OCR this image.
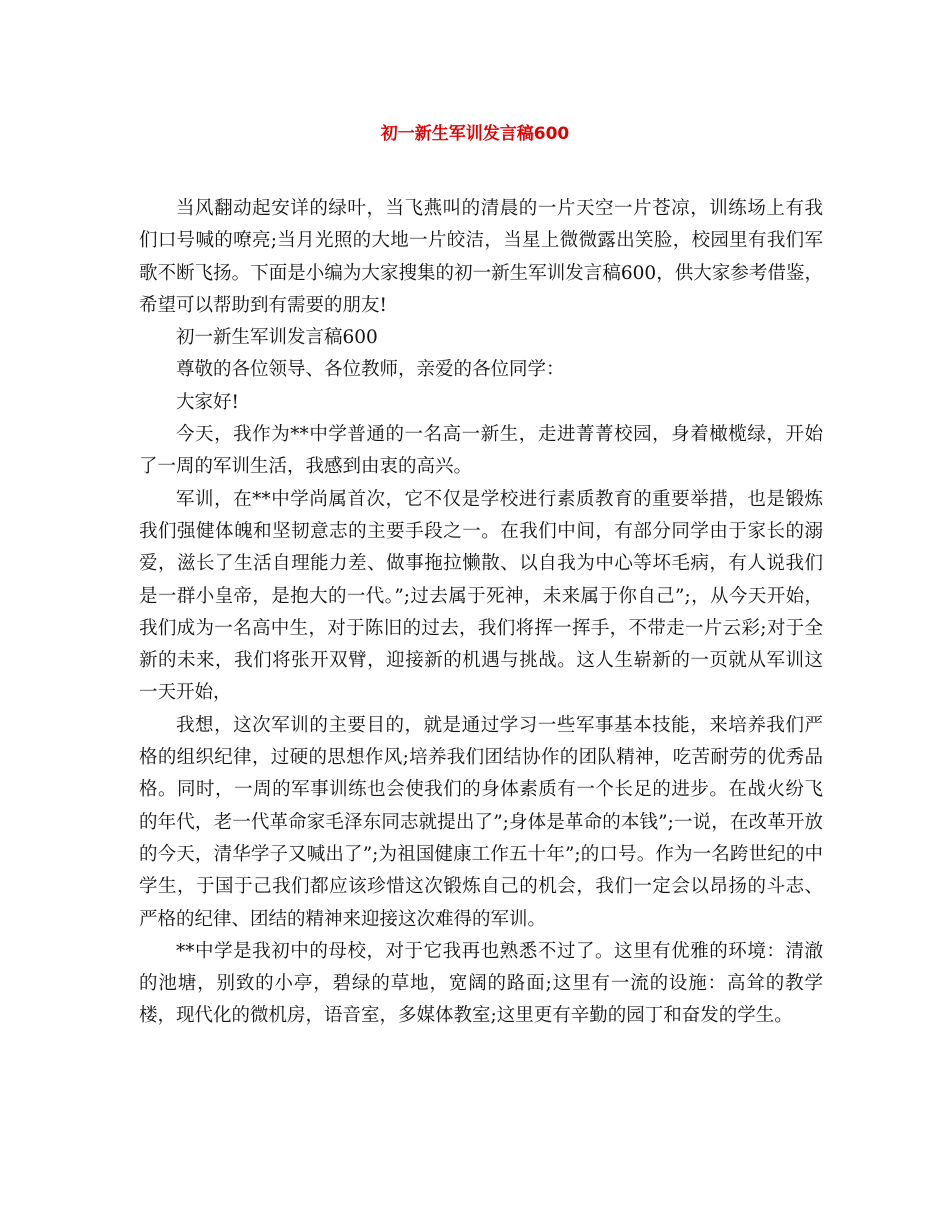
初一新生军训发言稿600

当风翻动起安详的绿叶，当飞燕叫的清晨的一片天空一片苍凉，训练场上有我们口号喊的嘹亮;当月光照的大地一片皎洁，当星上微微露出笑脸，校园里有我们军歌不断飞扬。下面是小编为大家搜集的初一新生军训发言稿600，供大家参考借鉴，希望可以帮助到有需要的朋友!

初一新生军训发言稿600

尊敬的各位领导、各位教师，亲爱的各位同学：

大家好!

今天，我作为**中学普通的一名高一新生，走进菁菁校园，身着橄榄绿，开始了一周的军训生活，我感到由衷的高兴。

军训，在**中学尚属首次，它不仅是学校进行素质教育的重要举措，也是锻炼我们强健体魄和坚韧意志的主要手段之一。在我们中间，有部分同学由于家长的溺爱，滋长了生活自理能力差、做事拖拉懒散、以自我为中心等坏毛病，有人说我们是一群小皇帝，是抱大的一代。”;过去属于死神，未来属于你自己”;，从今天开始，我们成为一名高中生，对于陈旧的过去，我们将挥一挥手，不带走一片云彩;对于全新的未来，我们将张开双臂，迎接新的机遇与挑战。这人生崭新的一页就从军训这一天开始，

我想，这次军训的主要目的，就是通过学习一些军事基本技能，来培养我们严格的组织纪律，过硬的思想作风;培养我们团结协作的团队精神，吃苦耐劳的优秀品格。同时，一周的军事训练也会使我们的身体素质有一个长足的进步。在战火纷飞的年代，老一代革命家毛泽东同志就提出了”;身体是革命的本钱”;一说，在改革开放的今天，清华学子又喊出了”;为祖国健康工作五十年”;的口号。作为一名跨世纪的中学生，于国于己我们都应该珍惜这次锻炼自己的机会，我们一定会以昂扬的斗志、严格的纪律、团结的精神来迎接这次难得的军训。

**中学是我初中的母校，对于它我再也熟悉不过了。这里有优雅的环境：清澈的池塘，别致的小亭，碧绿的草地，宽阔的路面;这里有一流的设施：高耸的教学楼，现代化的微机房，语音室，多媒体教室;这里更有辛勤的园丁和奋发的学生。
